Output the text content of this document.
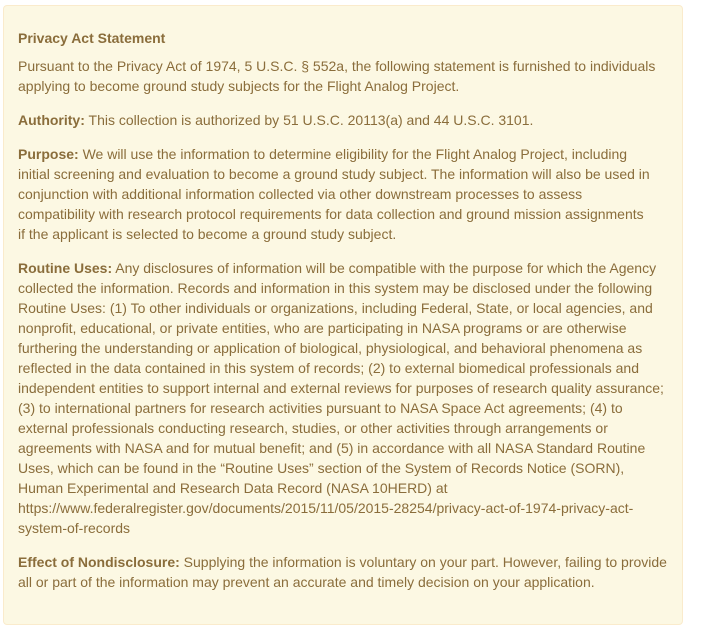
Privacy Act Statement

Pursuant to the Privacy Act of 1974, 5 U.S.C. § 552a, the following statement is furnished to individuals
applying to become ground study subjects for the Flight Analog Project.

Authority: This collection is authorized by 51 U.S.C. 20113(a) and 44 U.S.C. 3101.

Purpose: We will use the information to determine eligibility for the Flight Analog Project, including
initial screening and evaluation to become a ground study subject. The information will also be used in
conjunction with additional information collected via other downstream processes to assess
compatibility with research protocol requirements for data collection and ground mission assignments
if the applicant is selected to become a ground study subject.

Routine Uses: Any disclosures of information will be compatible with the purpose for which the Agency
collected the information. Records and information in this system may be disclosed under the following
Routine Uses: (1) To other individuals or organizations, including Federal, State, or local agencies, and
nonprofit, educational, or private entities, who are participating in NASA programs or are otherwise
furthering the understanding or application of biological, physiological, and behavioral phenomena as
reflected in the data contained in this system of records; (2) to external biomedical professionals and
independent entities to support internal and external reviews for purposes of research quality assurance;
(3) to international partners for research activities pursuant to NASA Space Act agreements; (4) to
external professionals conducting research, studies, or other activities through arrangements or
agreements with NASA and for mutual benefit; and (5) in accordance with all NASA Standard Routine
Uses, which can be found in the “Routine Uses” section of the System of Records Notice (SORN),
Human Experimental and Research Data Record (NASA 10HERD) at
https://www.federalregister.gov/documents/2015/11/05/2015-28254/privacy-act-of-1974-privacy-act-
system-of-records

Effect of Nondisclosure: Supplying the information is voluntary on your part. However, failing to provide
all or part of the information may prevent an accurate and timely decision on your application.
